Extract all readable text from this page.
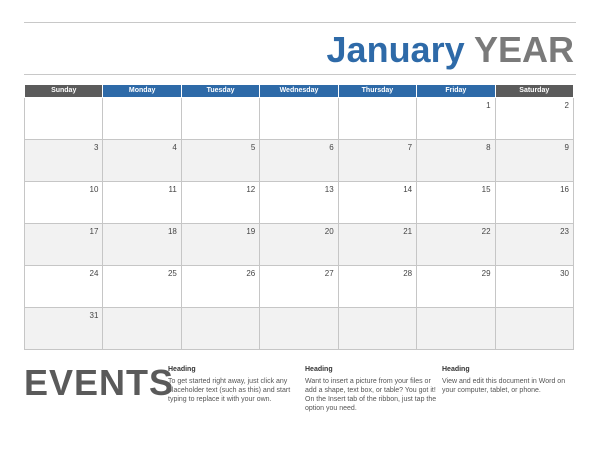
January YEAR
Sunday	Monday	Tuesday	Wednesday	Thursday	Friday	Saturday

					1	2

3	4	5	6	7	8	9

10	11	12	13	14	15	16

17	18	19	20	21	22	23

24	25	26	27	28	29	30

31						

EVENTS
Heading

To get started right away, just click any placeholder text (such as this) and start typing to replace it with your own.

Heading

Want to insert a picture from your files or add a shape, text box, or table? You got it! On the Insert tab of the ribbon, just tap the option you need.

Heading

View and edit this document in Word on your computer, tablet, or phone.
